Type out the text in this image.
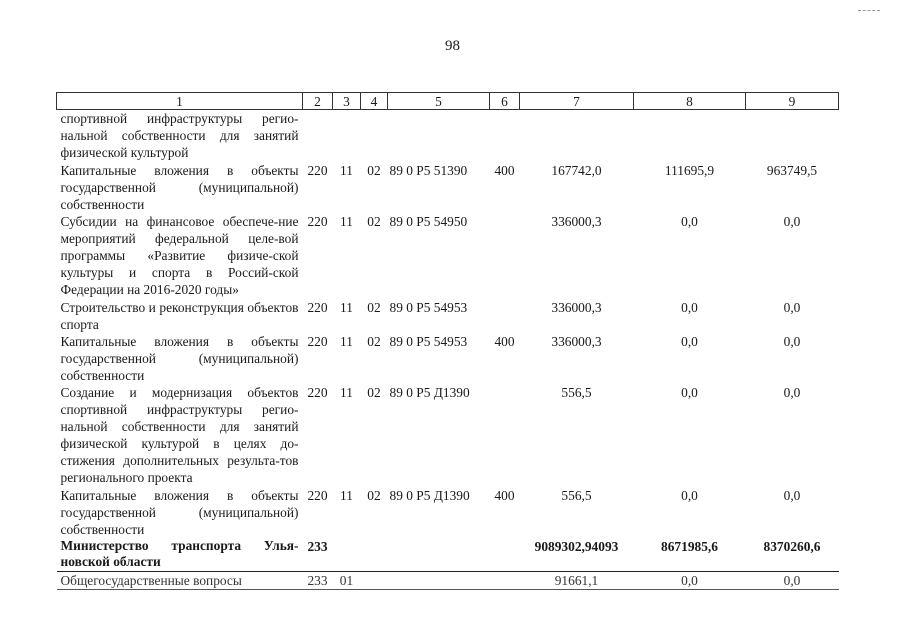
98
1	2	3	4	5	6	7	8	9
спортивной инфраструктуры регио-нальной собственности для занятий физической культурой								
Капитальные вложения в объекты государственной (муниципальной) собственности	220	11	02	89 0 Р5 51390	400	167742,0	111695,9	963749,5
Субсидии на финансовое обеспече-ние мероприятий федеральной целе-вой программы «Развитие физиче-ской культуры и спорта в Россий-ской Федерации на 2016-2020 годы»	220	11	02	89 0 Р5 54950		336000,3	0,0	0,0
Строительство и реконструкция объектов спорта	220	11	02	89 0 Р5 54953		336000,3	0,0	0,0
Капитальные вложения в объекты государственной (муниципальной) собственности	220	11	02	89 0 Р5 54953	400	336000,3	0,0	0,0
Создание и модернизация объектов спортивной инфраструктуры регио-нальной собственности для занятий физической культурой в целях до-стижения дополнительных результа-тов регионального проекта	220	11	02	89 0 Р5 Д1390		556,5	0,0	0,0
Капитальные вложения в объекты государственной (муниципальной) собственности	220	11	02	89 0 Р5 Д1390	400	556,5	0,0	0,0
Министерство транспорта Улья-новской области	233					9089302,94093	8671985,6	8370260,6
Общегосударственные вопросы	233	01				91661,1	0,0	0,0
